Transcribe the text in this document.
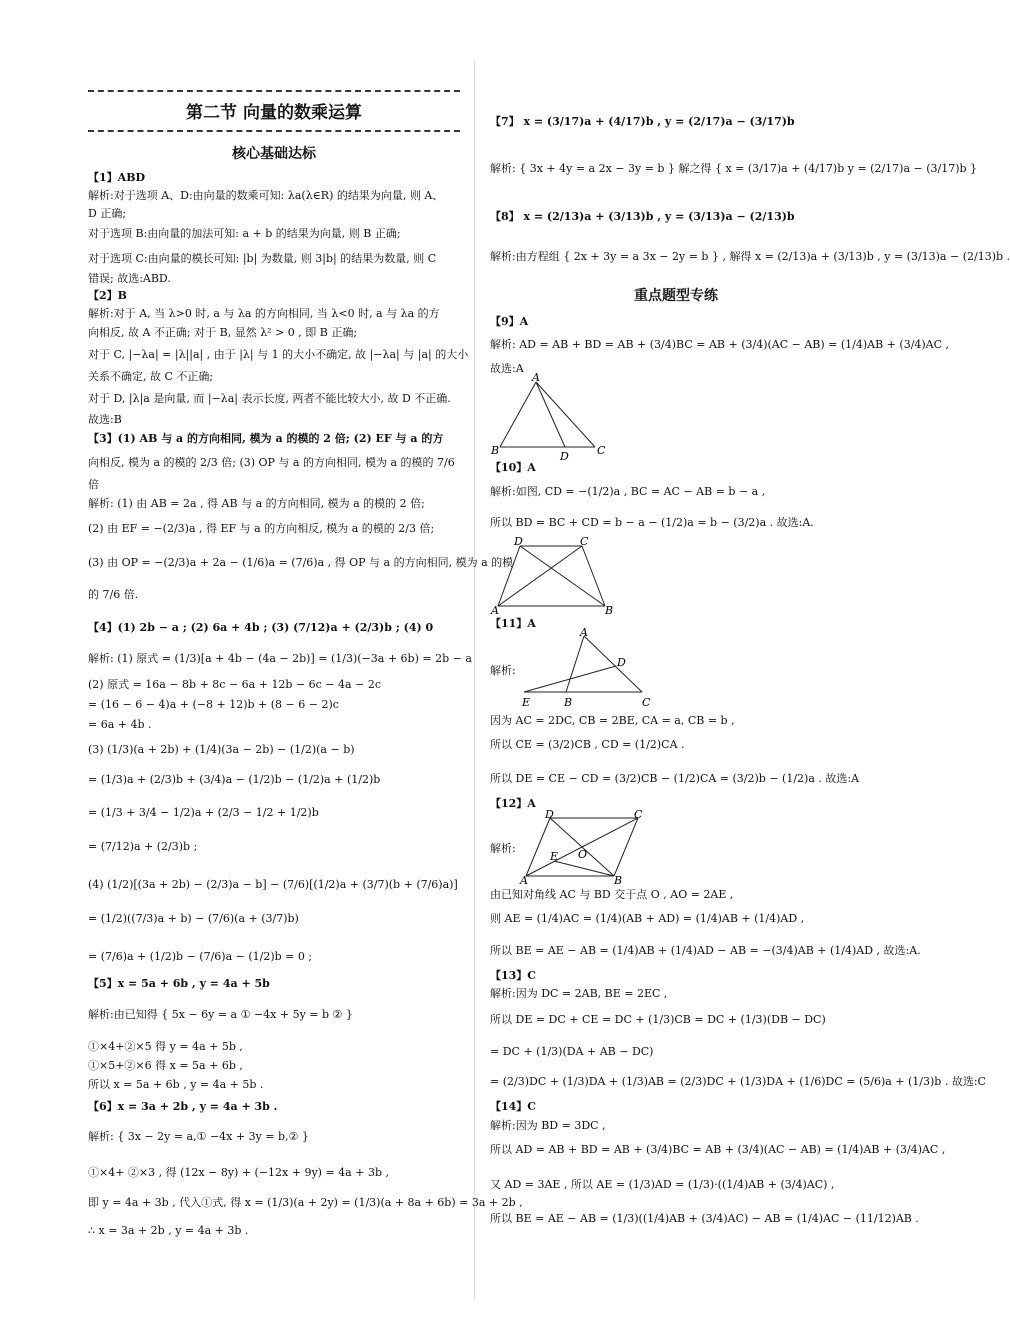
第二节 向量的数乘运算
核心基础达标
重点题型专练
【1】ABD
解析:对于选项 A、D:由向量的数乘可知: λa(λ∈R) 的结果为向量, 则 A、
D 正确;
对于选项 B:由向量的加法可知: a + b 的结果为向量, 则 B 正确;
对于选项 C:由向量的模长可知: |b| 为数量, 则 3|b| 的结果为数量, 则 C
错误; 故选:ABD.
【2】B
解析:对于 A, 当 λ>0 时, a 与 λa 的方向相同, 当 λ<0 时, a 与 λa 的方
向相反, 故 A 不正确; 对于 B, 显然 λ² > 0 , 即 B 正确;
对于 C, |−λa| = |λ||a| , 由于 |λ| 与 1 的大小不确定, 故 |−λa| 与 |a| 的大小
关系不确定, 故 C 不正确;
对于 D, |λ|a 是向量, 而 |−λa| 表示长度, 两者不能比较大小, 故 D 不正确.
故选:B
【3】(1) AB 与 a 的方向相同, 模为 a 的模的 2 倍; (2) EF 与 a 的方
向相反, 模为 a 的模的 2/3 倍; (3) OP 与 a 的方向相同, 模为 a 的模的 7/6
倍
解析: (1) 由 AB = 2a , 得 AB 与 a 的方向相同, 模为 a 的模的 2 倍;
(2) 由 EF = −(2/3)a , 得 EF 与 a 的方向相反, 模为 a 的模的 2/3 倍;
(3) 由 OP = −(2/3)a + 2a − (1/6)a = (7/6)a , 得 OP 与 a 的方向相同, 模为 a 的模
的 7/6 倍.
【4】(1) 2b − a ; (2) 6a + 4b ; (3) (7/12)a + (2/3)b ; (4) 0
解析: (1) 原式 = (1/3)[a + 4b − (4a − 2b)] = (1/3)(−3a + 6b) = 2b − a
(2) 原式 = 16a − 8b + 8c − 6a + 12b − 6c − 4a − 2c
= (16 − 6 − 4)a + (−8 + 12)b + (8 − 6 − 2)c
= 6a + 4b .
(3) (1/3)(a + 2b) + (1/4)(3a − 2b) − (1/2)(a − b)
= (1/3)a + (2/3)b + (3/4)a − (1/2)b − (1/2)a + (1/2)b
= (1/3 + 3/4 − 1/2)a + (2/3 − 1/2 + 1/2)b
= (7/12)a + (2/3)b ;
(4) (1/2)[(3a + 2b) − (2/3)a − b] − (7/6)[(1/2)a + (3/7)(b + (7/6)a)]
= (1/2)((7/3)a + b) − (7/6)(a + (3/7)b)
= (7/6)a + (1/2)b − (7/6)a − (1/2)b = 0 ;
【5】x = 5a + 6b , y = 4a + 5b
解析:由已知得 { 5x − 6y = a ① −4x + 5y = b ② }
①×4+②×5 得 y = 4a + 5b ,
①×5+②×6 得 x = 5a + 6b ,
所以 x = 5a + 6b , y = 4a + 5b .
【6】x = 3a + 2b , y = 4a + 3b .
解析: { 3x − 2y = a,① −4x + 3y = b,② }
①×4+ ②×3 , 得 (12x − 8y) + (−12x + 9y) = 4a + 3b ,
即 y = 4a + 3b , 代入①式, 得 x = (1/3)(a + 2y) = (1/3)(a + 8a + 6b) = 3a + 2b ,
∴ x = 3a + 2b , y = 4a + 3b .
【7】 x = (3/17)a + (4/17)b , y = (2/17)a − (3/17)b
解析: { 3x + 4y = a 2x − 3y = b } 解之得 { x = (3/17)a + (4/17)b y = (2/17)a − (3/17)b }
【8】 x = (2/13)a + (3/13)b , y = (3/13)a − (2/13)b
解析:由方程组 { 2x + 3y = a 3x − 2y = b } , 解得 x = (2/13)a + (3/13)b , y = (3/13)a − (2/13)b .
【9】A
解析: AD = AB + BD = AB + (3/4)BC = AB + (3/4)(AC − AB) = (1/4)AB + (3/4)AC ,
故选:A
【10】A
解析:如图, CD = −(1/2)a , BC = AC − AB = b − a ,
所以 BD = BC + CD = b − a − (1/2)a = b − (3/2)a . 故选:A.
【11】A
解析:
因为 AC = 2DC, CB = 2BE, CA = a, CB = b ,
所以 CE = (3/2)CB , CD = (1/2)CA .
所以 DE = CE − CD = (3/2)CB − (1/2)CA = (3/2)b − (1/2)a . 故选:A
【12】A
解析:
由已知对角线 AC 与 BD 交于点 O , AO = 2AE ,
则 AE = (1/4)AC = (1/4)(AB + AD) = (1/4)AB + (1/4)AD ,
所以 BE = AE − AB = (1/4)AB + (1/4)AD − AB = −(3/4)AB + (1/4)AD , 故选:A.
【13】C
解析:因为 DC = 2AB, BE = 2EC ,
所以 DE = DC + CE = DC + (1/3)CB = DC + (1/3)(DB − DC)
= DC + (1/3)(DA + AB − DC)
= (2/3)DC + (1/3)DA + (1/3)AB = (2/3)DC + (1/3)DA + (1/6)DC = (5/6)a + (1/3)b . 故选:C
【14】C
解析:因为 BD = 3DC ,
所以 AD = AB + BD = AB + (3/4)BC = AB + (3/4)(AC − AB) = (1/4)AB + (3/4)AC ,
又 AD = 3AE , 所以 AE = (1/3)AD = (1/3)·((1/4)AB + (3/4)AC) ,
所以 BE = AE − AB = (1/3)((1/4)AB + (3/4)AC) − AB = (1/4)AC − (11/12)AB .
A
B	D	C
D	C
A	B
A
D
E	B	C
D	C
E O
A	B
